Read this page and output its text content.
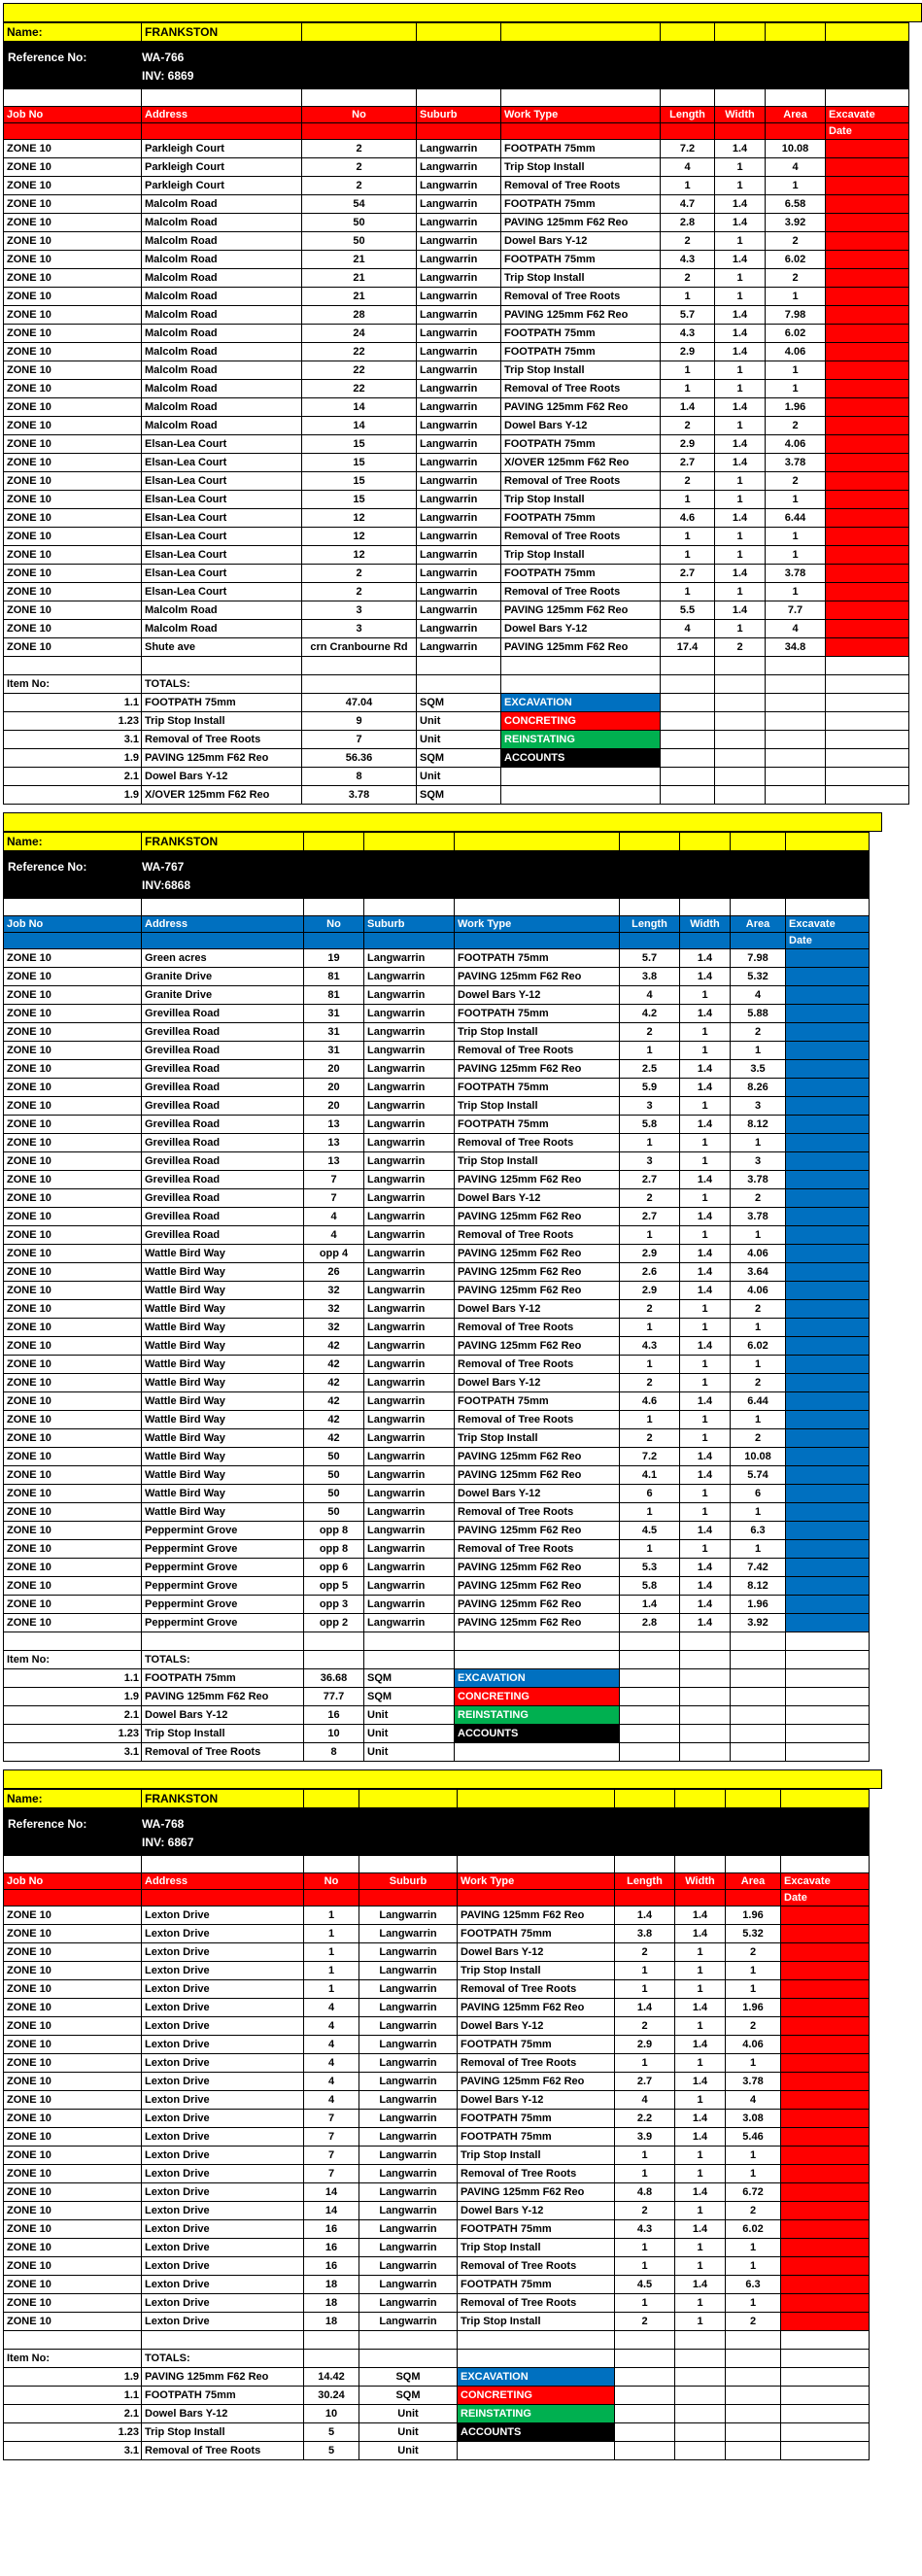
Name:	FRANKSTON							

Reference No: WA-766
INV: 6869								

Job No	Address	No	Suburb	Work Type	Length	Width	Area	Excavate
								Date
ZONE 10	Parkleigh Court	2	Langwarrin	FOOTPATH 75mm	7.2	1.4	10.08	
ZONE 10	Parkleigh Court	2	Langwarrin	Trip Stop Install	4	1	4	
ZONE 10	Parkleigh Court	2	Langwarrin	Removal of Tree Roots	1	1	1	
ZONE 10	Malcolm Road	54	Langwarrin	FOOTPATH 75mm	4.7	1.4	6.58	
ZONE 10	Malcolm Road	50	Langwarrin	PAVING 125mm F62 Reo	2.8	1.4	3.92	
ZONE 10	Malcolm Road	50	Langwarrin	Dowel Bars Y-12	2	1	2	
ZONE 10	Malcolm Road	21	Langwarrin	FOOTPATH 75mm	4.3	1.4	6.02	
ZONE 10	Malcolm Road	21	Langwarrin	Trip Stop Install	2	1	2	
ZONE 10	Malcolm Road	21	Langwarrin	Removal of Tree Roots	1	1	1	
ZONE 10	Malcolm Road	28	Langwarrin	PAVING 125mm F62 Reo	5.7	1.4	7.98	
ZONE 10	Malcolm Road	24	Langwarrin	FOOTPATH 75mm	4.3	1.4	6.02	
ZONE 10	Malcolm Road	22	Langwarrin	FOOTPATH 75mm	2.9	1.4	4.06	
ZONE 10	Malcolm Road	22	Langwarrin	Trip Stop Install	1	1	1	
ZONE 10	Malcolm Road	22	Langwarrin	Removal of Tree Roots	1	1	1	
ZONE 10	Malcolm Road	14	Langwarrin	PAVING 125mm F62 Reo	1.4	1.4	1.96	
ZONE 10	Malcolm Road	14	Langwarrin	Dowel Bars Y-12	2	1	2	
ZONE 10	Elsan-Lea Court	15	Langwarrin	FOOTPATH 75mm	2.9	1.4	4.06	
ZONE 10	Elsan-Lea Court	15	Langwarrin	X/OVER 125mm F62 Reo	2.7	1.4	3.78	
ZONE 10	Elsan-Lea Court	15	Langwarrin	Removal of Tree Roots	2	1	2	
ZONE 10	Elsan-Lea Court	15	Langwarrin	Trip Stop Install	1	1	1	
ZONE 10	Elsan-Lea Court	12	Langwarrin	FOOTPATH 75mm	4.6	1.4	6.44	
ZONE 10	Elsan-Lea Court	12	Langwarrin	Removal of Tree Roots	1	1	1	
ZONE 10	Elsan-Lea Court	12	Langwarrin	Trip Stop Install	1	1	1	
ZONE 10	Elsan-Lea Court	2	Langwarrin	FOOTPATH 75mm	2.7	1.4	3.78	
ZONE 10	Elsan-Lea Court	2	Langwarrin	Removal of Tree Roots	1	1	1	
ZONE 10	Malcolm Road	3	Langwarrin	PAVING 125mm F62 Reo	5.5	1.4	7.7	
ZONE 10	Malcolm Road	3	Langwarrin	Dowel Bars Y-12	4	1	4	
ZONE 10	Shute ave	crn Cranbourne Rd	Langwarrin	PAVING 125mm F62 Reo	17.4	2	34.8	

Item No:	TOTALS:							
1.1	FOOTPATH 75mm	47.04	SQM	EXCAVATION				
1.23	Trip Stop Install	9	Unit	CONCRETING				
3.1	Removal of Tree Roots	7	Unit	REINSTATING				
1.9	PAVING 125mm F62 Reo	56.36	SQM	ACCOUNTS				
2.1	Dowel Bars Y-12	8	Unit					
1.9	X/OVER 125mm F62 Reo	3.78	SQM					
Name:	FRANKSTON							

Reference No: WA-767
INV:6868								

Job No	Address	No	Suburb	Work Type	Length	Width	Area	Excavate
								Date
ZONE 10	Green acres	19	Langwarrin	FOOTPATH 75mm	5.7	1.4	7.98	
ZONE 10	Granite Drive	81	Langwarrin	PAVING 125mm F62 Reo	3.8	1.4	5.32	
ZONE 10	Granite Drive	81	Langwarrin	Dowel Bars Y-12	4	1	4	
ZONE 10	Grevillea Road	31	Langwarrin	FOOTPATH 75mm	4.2	1.4	5.88	
ZONE 10	Grevillea Road	31	Langwarrin	Trip Stop Install	2	1	2	
ZONE 10	Grevillea Road	31	Langwarrin	Removal of Tree Roots	1	1	1	
ZONE 10	Grevillea Road	20	Langwarrin	PAVING 125mm F62 Reo	2.5	1.4	3.5	
ZONE 10	Grevillea Road	20	Langwarrin	FOOTPATH 75mm	5.9	1.4	8.26	
ZONE 10	Grevillea Road	20	Langwarrin	Trip Stop Install	3	1	3	
ZONE 10	Grevillea Road	13	Langwarrin	FOOTPATH 75mm	5.8	1.4	8.12	
ZONE 10	Grevillea Road	13	Langwarrin	Removal of Tree Roots	1	1	1	
ZONE 10	Grevillea Road	13	Langwarrin	Trip Stop Install	3	1	3	
ZONE 10	Grevillea Road	7	Langwarrin	PAVING 125mm F62 Reo	2.7	1.4	3.78	
ZONE 10	Grevillea Road	7	Langwarrin	Dowel Bars Y-12	2	1	2	
ZONE 10	Grevillea Road	4	Langwarrin	PAVING 125mm F62 Reo	2.7	1.4	3.78	
ZONE 10	Grevillea Road	4	Langwarrin	Removal of Tree Roots	1	1	1	
ZONE 10	Wattle Bird Way	opp 4	Langwarrin	PAVING 125mm F62 Reo	2.9	1.4	4.06	
ZONE 10	Wattle Bird Way	26	Langwarrin	PAVING 125mm F62 Reo	2.6	1.4	3.64	
ZONE 10	Wattle Bird Way	32	Langwarrin	PAVING 125mm F62 Reo	2.9	1.4	4.06	
ZONE 10	Wattle Bird Way	32	Langwarrin	Dowel Bars Y-12	2	1	2	
ZONE 10	Wattle Bird Way	32	Langwarrin	Removal of Tree Roots	1	1	1	
ZONE 10	Wattle Bird Way	42	Langwarrin	PAVING 125mm F62 Reo	4.3	1.4	6.02	
ZONE 10	Wattle Bird Way	42	Langwarrin	Removal of Tree Roots	1	1	1	
ZONE 10	Wattle Bird Way	42	Langwarrin	Dowel Bars Y-12	2	1	2	
ZONE 10	Wattle Bird Way	42	Langwarrin	FOOTPATH 75mm	4.6	1.4	6.44	
ZONE 10	Wattle Bird Way	42	Langwarrin	Removal of Tree Roots	1	1	1	
ZONE 10	Wattle Bird Way	42	Langwarrin	Trip Stop Install	2	1	2	
ZONE 10	Wattle Bird Way	50	Langwarrin	PAVING 125mm F62 Reo	7.2	1.4	10.08	
ZONE 10	Wattle Bird Way	50	Langwarrin	PAVING 125mm F62 Reo	4.1	1.4	5.74	
ZONE 10	Wattle Bird Way	50	Langwarrin	Dowel Bars Y-12	6	1	6	
ZONE 10	Wattle Bird Way	50	Langwarrin	Removal of Tree Roots	1	1	1	
ZONE 10	Peppermint Grove	opp 8	Langwarrin	PAVING 125mm F62 Reo	4.5	1.4	6.3	
ZONE 10	Peppermint Grove	opp 8	Langwarrin	Removal of Tree Roots	1	1	1	
ZONE 10	Peppermint Grove	opp 6	Langwarrin	PAVING 125mm F62 Reo	5.3	1.4	7.42	
ZONE 10	Peppermint Grove	opp 5	Langwarrin	PAVING 125mm F62 Reo	5.8	1.4	8.12	
ZONE 10	Peppermint Grove	opp 3	Langwarrin	PAVING 125mm F62 Reo	1.4	1.4	1.96	
ZONE 10	Peppermint Grove	opp 2	Langwarrin	PAVING 125mm F62 Reo	2.8	1.4	3.92	

Item No:	TOTALS:							
1.1	FOOTPATH 75mm	36.68	SQM	EXCAVATION				
1.9	PAVING 125mm F62 Reo	77.7	SQM	CONCRETING				
2.1	Dowel Bars Y-12	16	Unit	REINSTATING				
1.23	Trip Stop Install	10	Unit	ACCOUNTS				
3.1	Removal of Tree Roots	8	Unit					
Name:	FRANKSTON							

Reference No: WA-768
INV: 6867								

Job No	Address	No	Suburb	Work Type	Length	Width	Area	Excavate
								Date
ZONE 10	Lexton Drive	1	Langwarrin	PAVING 125mm F62 Reo	1.4	1.4	1.96	
ZONE 10	Lexton Drive	1	Langwarrin	FOOTPATH 75mm	3.8	1.4	5.32	
ZONE 10	Lexton Drive	1	Langwarrin	Dowel Bars Y-12	2	1	2	
ZONE 10	Lexton Drive	1	Langwarrin	Trip Stop Install	1	1	1	
ZONE 10	Lexton Drive	1	Langwarrin	Removal of Tree Roots	1	1	1	
ZONE 10	Lexton Drive	4	Langwarrin	PAVING 125mm F62 Reo	1.4	1.4	1.96	
ZONE 10	Lexton Drive	4	Langwarrin	Dowel Bars Y-12	2	1	2	
ZONE 10	Lexton Drive	4	Langwarrin	FOOTPATH 75mm	2.9	1.4	4.06	
ZONE 10	Lexton Drive	4	Langwarrin	Removal of Tree Roots	1	1	1	
ZONE 10	Lexton Drive	4	Langwarrin	PAVING 125mm F62 Reo	2.7	1.4	3.78	
ZONE 10	Lexton Drive	4	Langwarrin	Dowel Bars Y-12	4	1	4	
ZONE 10	Lexton Drive	7	Langwarrin	FOOTPATH 75mm	2.2	1.4	3.08	
ZONE 10	Lexton Drive	7	Langwarrin	FOOTPATH 75mm	3.9	1.4	5.46	
ZONE 10	Lexton Drive	7	Langwarrin	Trip Stop Install	1	1	1	
ZONE 10	Lexton Drive	7	Langwarrin	Removal of Tree Roots	1	1	1	
ZONE 10	Lexton Drive	14	Langwarrin	PAVING 125mm F62 Reo	4.8	1.4	6.72	
ZONE 10	Lexton Drive	14	Langwarrin	Dowel Bars Y-12	2	1	2	
ZONE 10	Lexton Drive	16	Langwarrin	FOOTPATH 75mm	4.3	1.4	6.02	
ZONE 10	Lexton Drive	16	Langwarrin	Trip Stop Install	1	1	1	
ZONE 10	Lexton Drive	16	Langwarrin	Removal of Tree Roots	1	1	1	
ZONE 10	Lexton Drive	18	Langwarrin	FOOTPATH 75mm	4.5	1.4	6.3	
ZONE 10	Lexton Drive	18	Langwarrin	Removal of Tree Roots	1	1	1	
ZONE 10	Lexton Drive	18	Langwarrin	Trip Stop Install	2	1	2	

Item No:	TOTALS:							
1.9	PAVING 125mm F62 Reo	14.42	SQM	EXCAVATION				
1.1	FOOTPATH 75mm	30.24	SQM	CONCRETING				
2.1	Dowel Bars Y-12	10	Unit	REINSTATING				
1.23	Trip Stop Install	5	Unit	ACCOUNTS				
3.1	Removal of Tree Roots	5	Unit					
